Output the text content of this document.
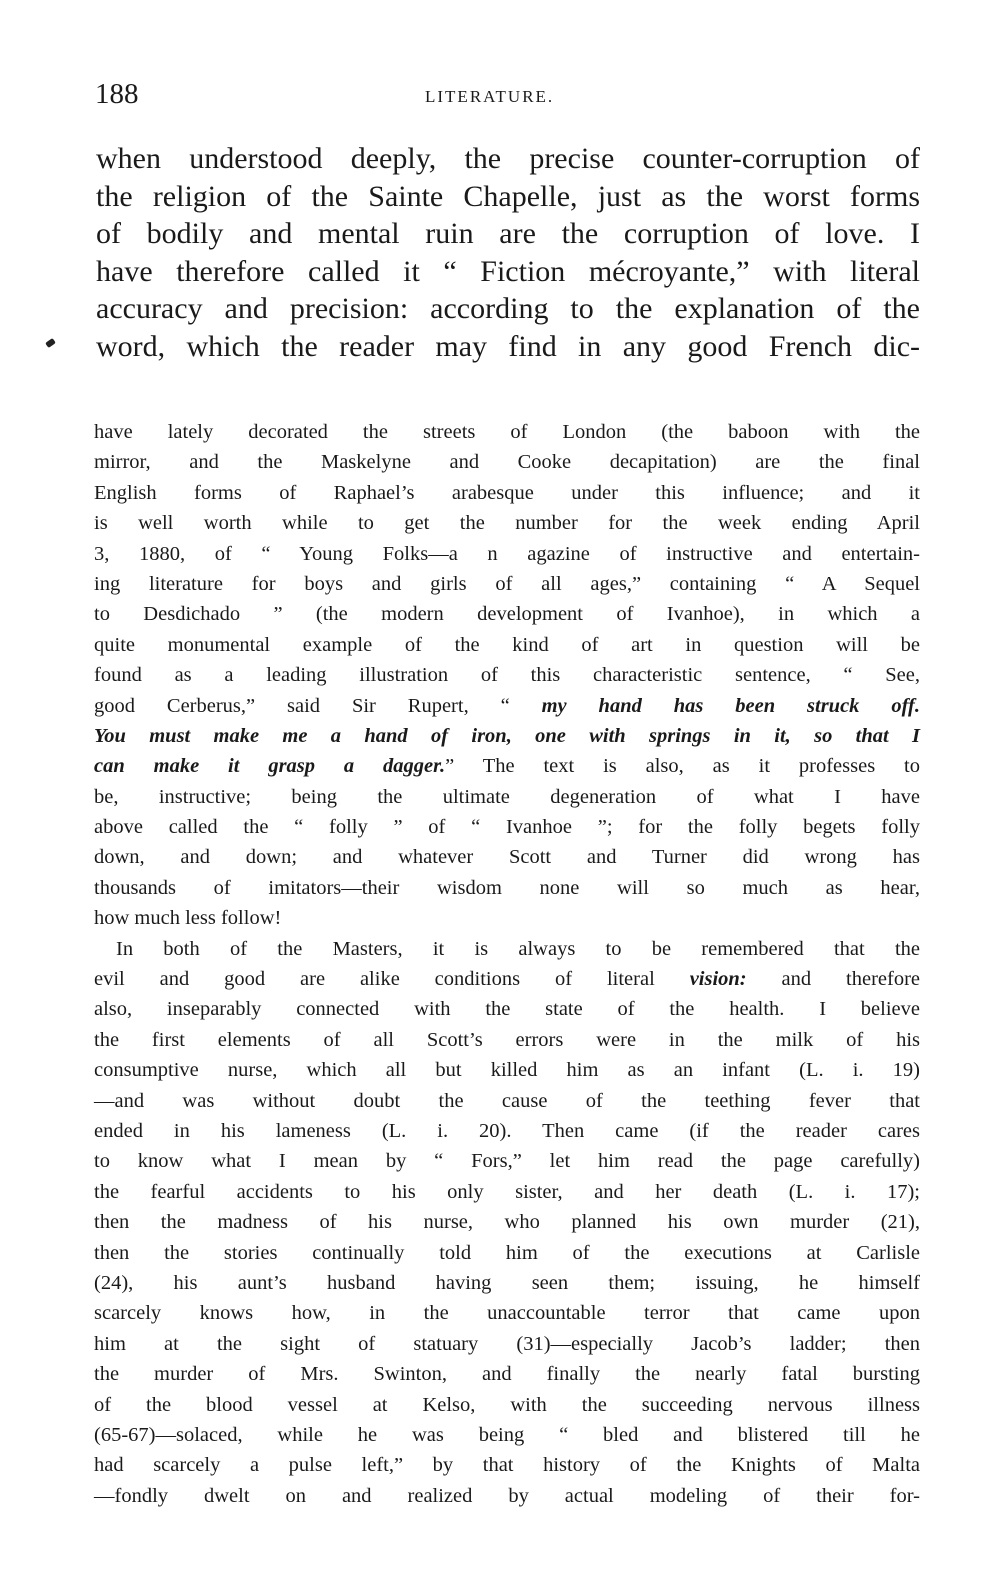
188	LITERATURE.
when understood deeply, the precise counter-corruption of
the religion of the Sainte Chapelle, just as the worst forms
of bodily and mental ruin are the corruption of love. I
have therefore called it “ Fiction mécroyante,” with literal
accuracy and precision: according to the explanation of the
word, which the reader may find in any good French dic-
have lately decorated the streets of London (the baboon with the
mirror, and the Maskelyne and Cooke decapitation) are the final
English forms of Raphael’s arabesque under this influence; and it
is well worth while to get the number for the week ending April
3, 1880, of “ Young Folks—a n agazine of instructive and entertain-
ing literature for boys and girls of all ages,” containing “ A Sequel
to Desdichado ” (the modern development of Ivanhoe), in which a
quite monumental example of the kind of art in question will be
found as a leading illustration of this characteristic sentence, “ See,
good Cerberus,” said Sir Rupert, “ my hand has been struck off.
You must make me a hand of iron, one with springs in it, so that I
can make it grasp a dagger.” The text is also, as it professes to
be, instructive; being the ultimate degeneration of what I have
above called the “ folly ” of “ Ivanhoe ”; for the folly begets folly
down, and down; and whatever Scott and Turner did wrong has
thousands of imitators—their wisdom none will so much as hear,
how much less follow!
In both of the Masters, it is always to be remembered that the
evil and good are alike conditions of literal vision: and therefore
also, inseparably connected with the state of the health. I believe
the first elements of all Scott’s errors were in the milk of his
consumptive nurse, which all but killed him as an infant (L. i. 19)
—and was without doubt the cause of the teething fever that
ended in his lameness (L. i. 20). Then came (if the reader cares
to know what I mean by “ Fors,” let him read the page carefully)
the fearful accidents to his only sister, and her death (L. i. 17);
then the madness of his nurse, who planned his own murder (21),
then the stories continually told him of the executions at Carlisle
(24), his aunt’s husband having seen them; issuing, he himself
scarcely knows how, in the unaccountable terror that came upon
him at the sight of statuary (31)—especially Jacob’s ladder; then
the murder of Mrs. Swinton, and finally the nearly fatal bursting
of the blood vessel at Kelso, with the succeeding nervous illness
(65-67)—solaced, while he was being “ bled and blistered till he
had scarcely a pulse left,” by that history of the Knights of Malta
—fondly dwelt on and realized by actual modeling of their for-
